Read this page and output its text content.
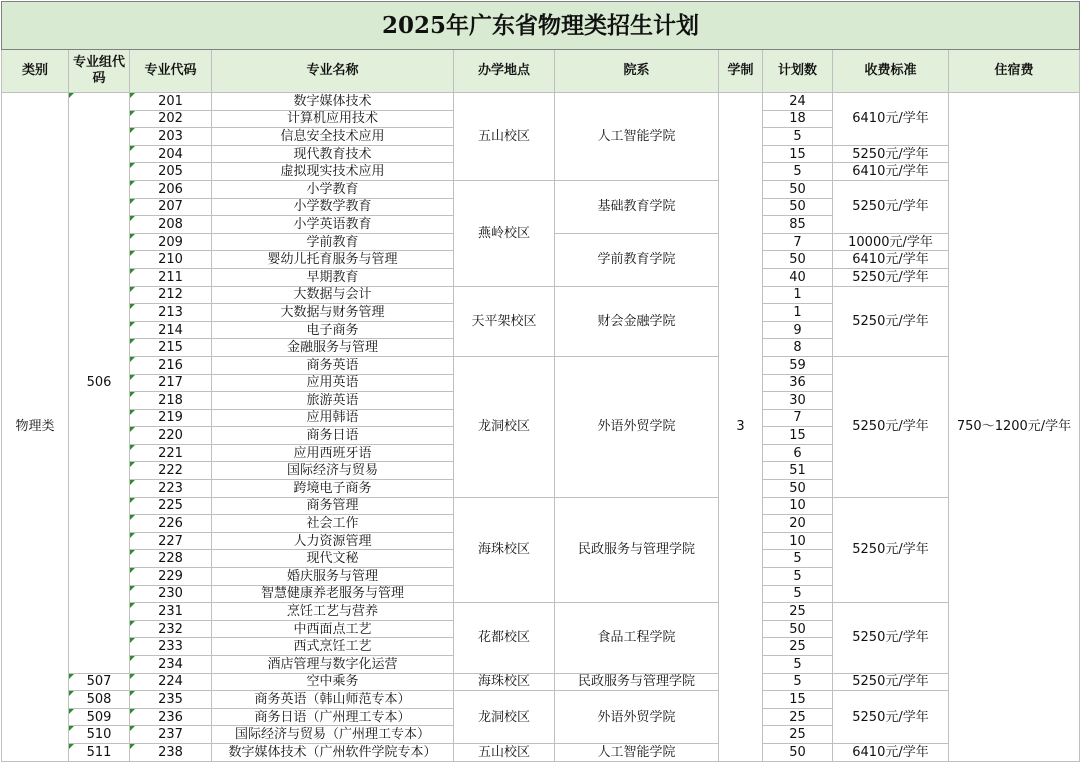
2025年广东省物理类招生计划									
类别	专业组代码	专业代码	专业名称	办学地点	院系	学制	计划数	收费标准	住宿费
物理类	506	201	数字媒体技术	五山校区	人工智能学院	3	24	6410元/学年	750～1200元/学年
		202	计算机应用技术				18		
		203	信息安全技术应用				5		
		204	现代教育技术				15	5250元/学年	
		205	虚拟现实技术应用				5	6410元/学年	
		206	小学教育	燕岭校区	基础教育学院		50	5250元/学年	
		207	小学数学教育				50		
		208	小学英语教育				85		
		209	学前教育		学前教育学院		7	10000元/学年	
		210	婴幼儿托育服务与管理				50	6410元/学年	
		211	早期教育				40	5250元/学年	
		212	大数据与会计	天平架校区	财会金融学院		1	5250元/学年	
		213	大数据与财务管理				1		
		214	电子商务				9		
		215	金融服务与管理				8		
		216	商务英语	龙洞校区	外语外贸学院		59	5250元/学年	
		217	应用英语				36		
		218	旅游英语				30		
		219	应用韩语				7		
		220	商务日语				15		
		221	应用西班牙语				6		
		222	国际经济与贸易				51		
		223	跨境电子商务				50		
		225	商务管理	海珠校区	民政服务与管理学院		10	5250元/学年	
		226	社会工作				20		
		227	人力资源管理				10		
		228	现代文秘				5		
		229	婚庆服务与管理				5		
		230	智慧健康养老服务与管理				5		
		231	烹饪工艺与营养	花都校区	食品工程学院		25	5250元/学年	
		232	中西面点工艺				50		
		233	西式烹饪工艺				25		
		234	酒店管理与数字化运营				5		
	507	224	空中乘务	海珠校区	民政服务与管理学院		5	5250元/学年	
	508	235	商务英语（韩山师范专本）	龙洞校区	外语外贸学院		15	5250元/学年	
	509	236	商务日语（广州理工专本）				25		
	510	237	国际经济与贸易（广州理工专本）				25		
	511	238	数字媒体技术（广州软件学院专本）	五山校区	人工智能学院		50	6410元/学年	
